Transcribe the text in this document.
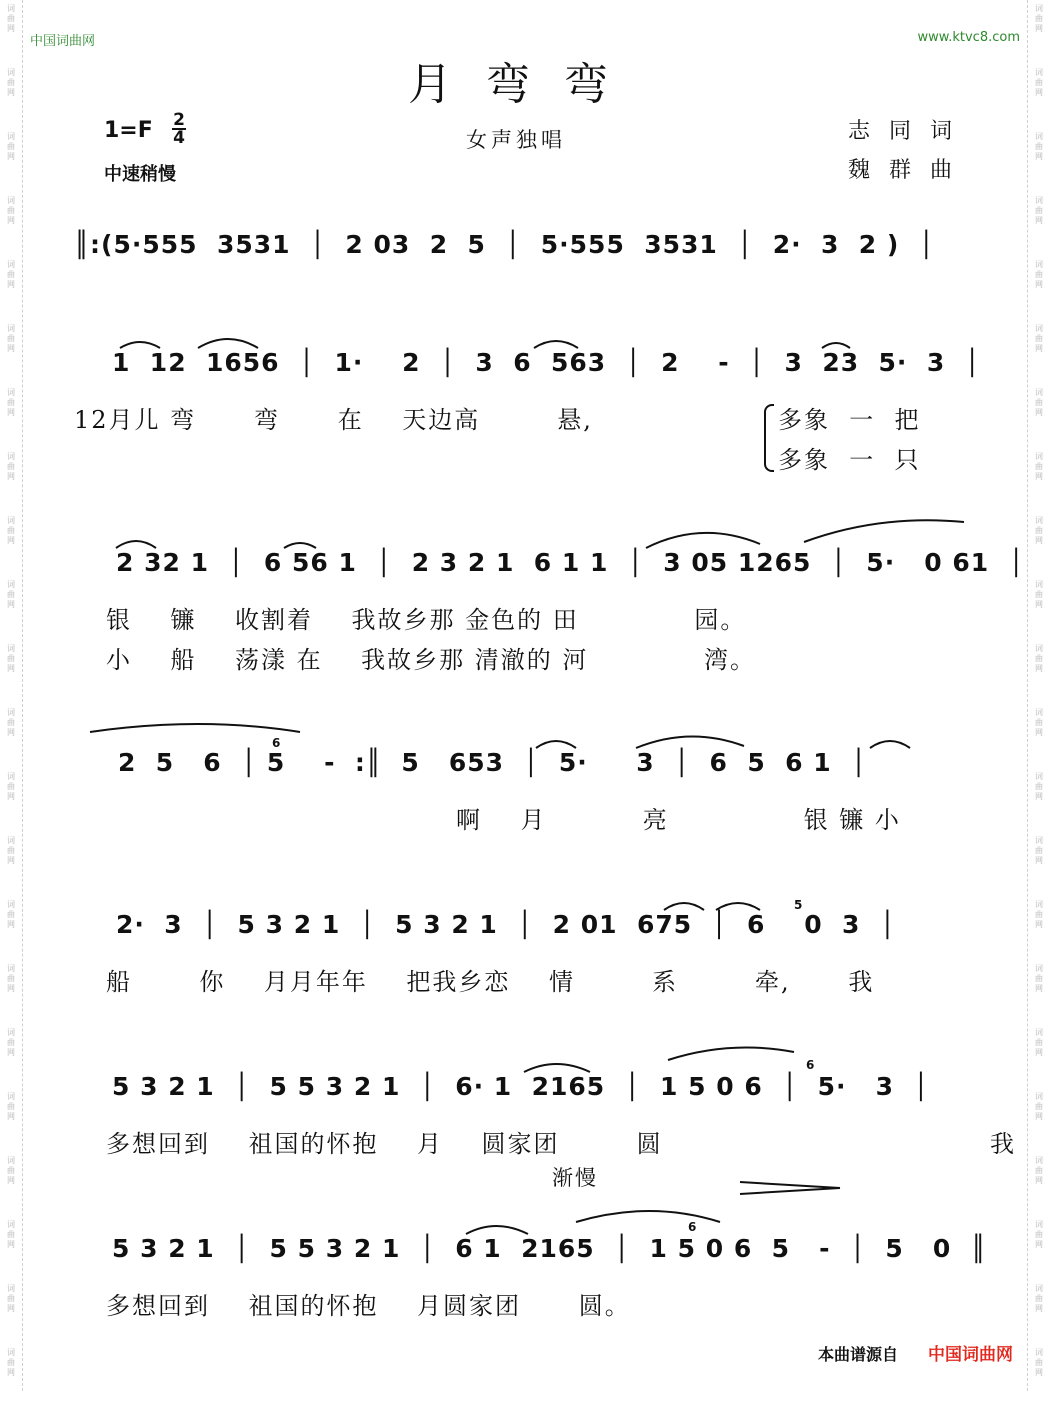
词
曲
网
词
曲
网
词
曲
网
词
曲
网
词
曲
网
词
曲
网
词
曲
网
词
曲
网
词
曲
网
词
曲
网
词
曲
网
词
曲
网
词
曲
网
词
曲
网
词
曲
网
词
曲
网
词
曲
网
词
曲
网
词
曲
网
词
曲
网
词
曲
网
词
曲
网
词
曲
网
词
曲
网
词
曲
网
词
曲
网
词
曲
网
词
曲
网
词
曲
网
词
曲
网
词
曲
网
词
曲
网
词
曲
网
词
曲
网
词
曲
网
词
曲
网
词
曲
网
词
曲
网
词
曲
网
词
曲
网
词
曲
网
词
曲
网
词
曲
网
词
曲
网
中国词曲网	www.ktvc8.com
月弯弯
1=F 2
4
中速稍慢
女声独唱	志 同 词
魏 群 曲
║:(5·555  3531  │  2 03  2  5  │  5·555  3531  │  2·  3  2 )  │
1  12  1656  │  1·    2  │  3  6  563  │  2    -  │  3  23  5·  3  │
12月儿 弯      弯      在    天边高        悬,	多象  一  把
多象  一  只
2 32 1  │  6 56 1  │  2 3 2 1  6 1 1  │  3 05 1265  │  5·   0 61  │
银    镰    收割着    我故乡那 金色的 田            园。
小    船    荡漾 在    我故乡那 清澈的 河            湾。
2  5   6  │ 5    -  :║  5   653  │  5·     3  │  6  5  6 1  │
6
啊    月          亮              银 镰 小
2·  3  │  5 3 2 1  │  5 3 2 1  │  2 01  675  │  6    0  3  │
5
船       你    月月年年    把我乡恋    情        系        牵,      我
5 3 2 1  │  5 5 3 2 1  │  6· 1  2165  │  1 5 0 6  │  5·   3  │
6
多想回到    祖国的怀抱    月    圆家团        圆                                  我
渐慢
5 3 2 1  │  5 5 3 2 1  │  6 1  2165  │  1 5 0 6  5   -  │  5   0  ║
6
多想回到    祖国的怀抱    月圆家团      圆。
本曲谱源自 中国词曲网
